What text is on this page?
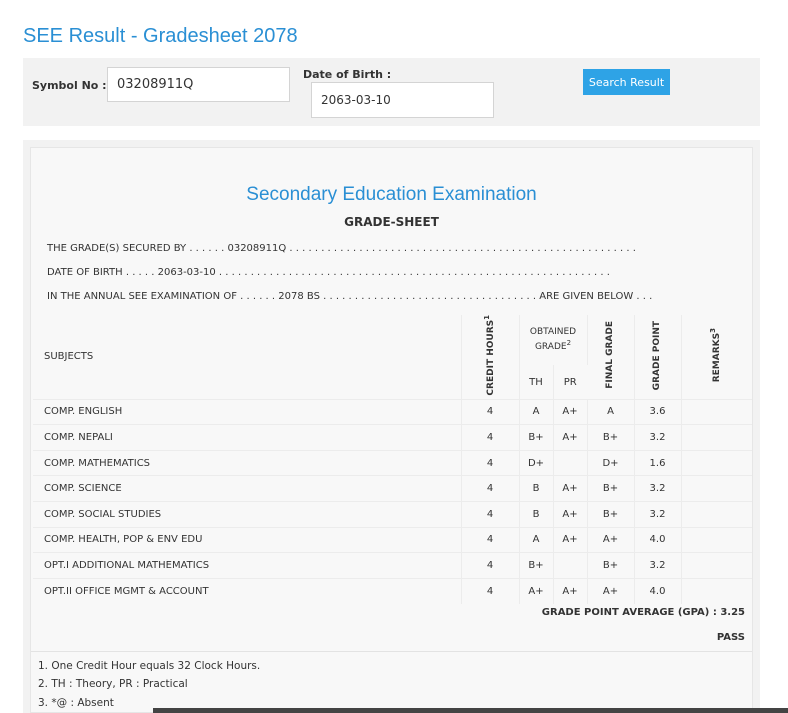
SEE Result - Gradesheet 2078
Symbol No :
03208911Q
Date of Birth :
2063-03-10
Search Result
Secondary Education Examination
GRADE-SHEET
THE GRADE(S) SECURED BY . . . . . . 03208911Q . . . . . . . . . . . . . . . . . . . . . . . . . . . . . . . . . . . . . . . . . . . . . . . . . . . . . . .
DATE OF BIRTH . . . . . 2063-03-10 . . . . . . . . . . . . . . . . . . . . . . . . . . . . . . . . . . . . . . . . . . . . . . . . . . . . . . . . . . . . . .
IN THE ANNUAL SEE EXAMINATION OF . . . . . . 2078 BS . . . . . . . . . . . . . . . . . . . . . . . . . . . . . . . . . . ARE GIVEN BELOW . . .
SUBJECTS	CREDIT HOURS$^1$	OBTAINED GRADE$^2$		FINAL GRADE	GRADE POINT	REMARKS$^3$
		TH	PR			
COMP. ENGLISH	4	A	A+	A	3.6	
COMP. NEPALI	4	B+	A+	B+	3.2	
COMP. MATHEMATICS	4	D+		D+	1.6	
COMP. SCIENCE	4	B	A+	B+	3.2	
COMP. SOCIAL STUDIES	4	B	A+	B+	3.2	
COMP. HEALTH, POP & ENV EDU	4	A	A+	A+	4.0	
OPT.I ADDITIONAL MATHEMATICS	4	B+		B+	3.2	
OPT.II OFFICE MGMT & ACCOUNT	4	A+	A+	A+	4.0	
GRADE POINT AVERAGE (GPA) : 3.25
PASS
1. One Credit Hour equals 32 Clock Hours.
2. TH : Theory, PR : Practical
3. *@ : Absent
